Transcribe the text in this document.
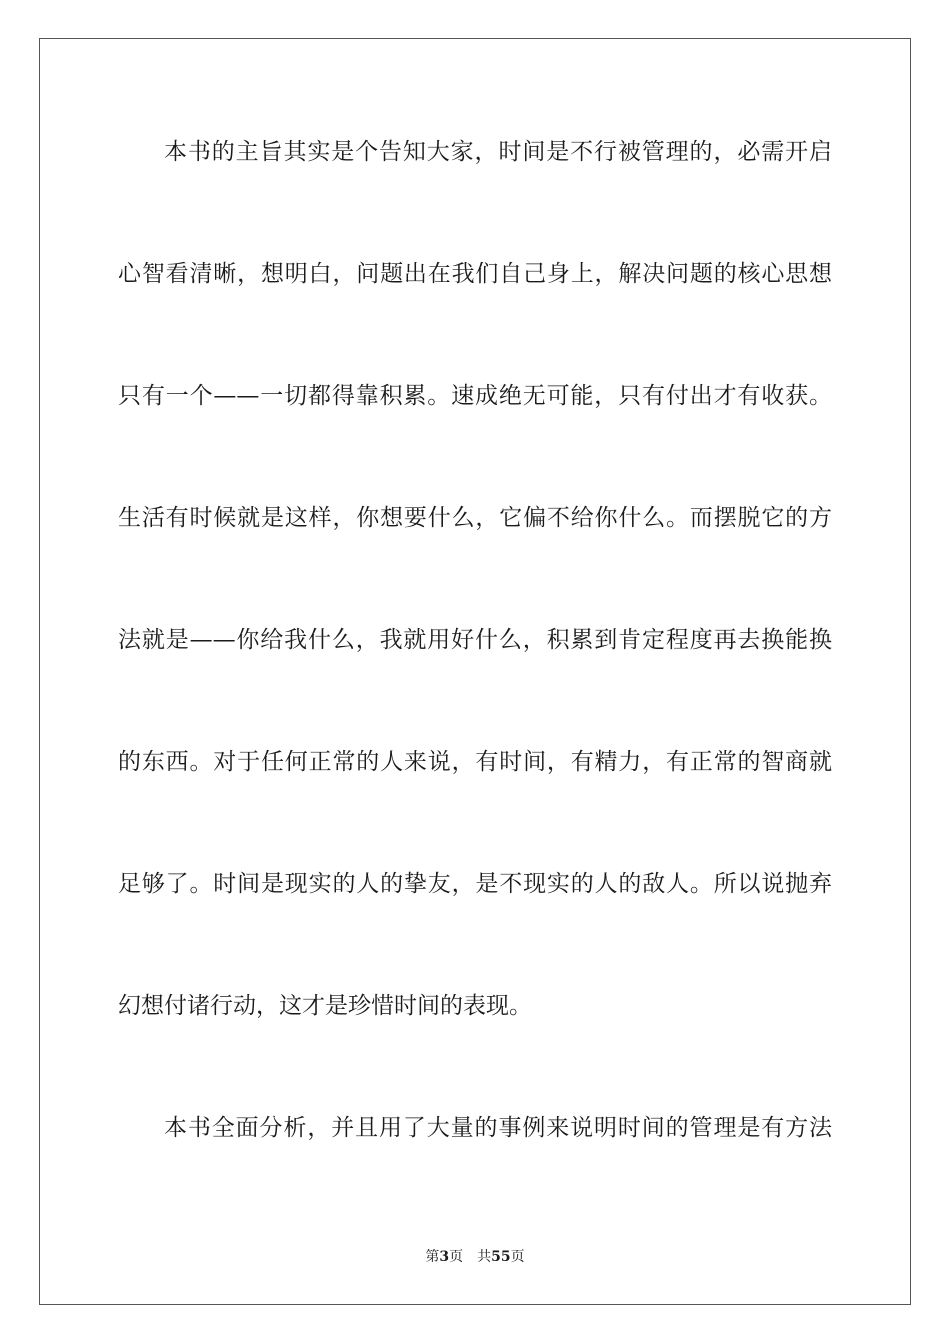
本书的主旨其实是个告知大家，时间是不行被管理的，必需开启
心智看清晰，想明白，问题出在我们自己身上，解决问题的核心思想
只有一个——一切都得靠积累。速成绝无可能，只有付出才有收获。
生活有时候就是这样，你想要什么，它偏不给你什么。而摆脱它的方
法就是——你给我什么，我就用好什么，积累到肯定程度再去换能换
的东西。对于任何正常的人来说，有时间，有精力，有正常的智商就
足够了。时间是现实的人的挚友，是不现实的人的敌人。所以说抛弃
幻想付诸行动，这才是珍惜时间的表现。
本书全面分析，并且用了大量的事例来说明时间的管理是有方法
第3页 共55页
